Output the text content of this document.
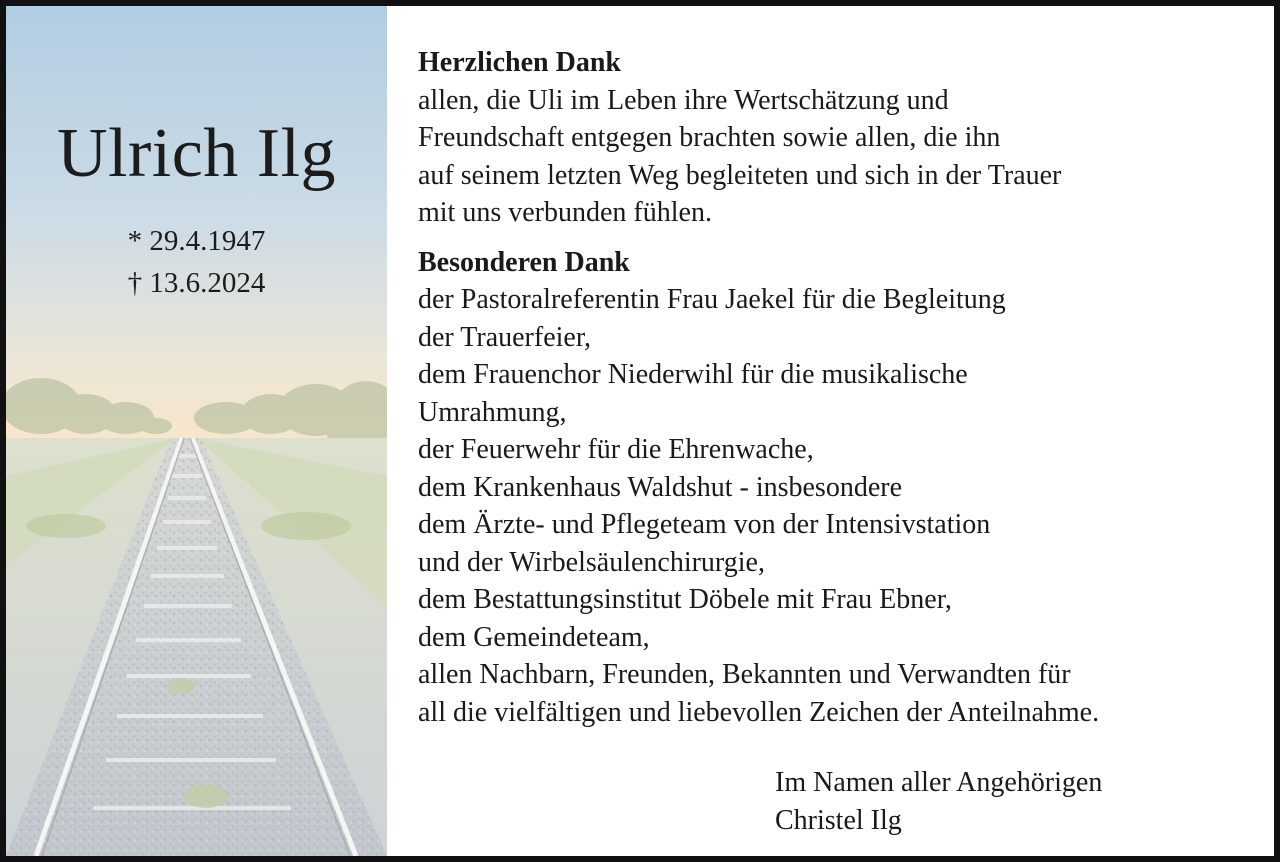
Ulrich Ilg
* 29.4.1947
† 13.6.2024
Herzlichen Dank
allen, die Uli im Leben ihre Wertschätzung und
Freundschaft entgegen brachten sowie allen, die ihn
auf seinem letzten Weg begleiteten und sich in der Trauer
mit uns verbunden fühlen.
Besonderen Dank
der Pastoralreferentin Frau Jaekel für die Begleitung
der Trauerfeier,
dem Frauenchor Niederwihl für die musikalische
Umrahmung,
der Feuerwehr für die Ehrenwache,
dem Krankenhaus Waldshut - insbesondere
dem Ärzte- und Pflegeteam von der Intensivstation
und der Wirbelsäulenchirurgie,
dem Bestattungsinstitut Döbele mit Frau Ebner,
dem Gemeindeteam,
allen Nachbarn, Freunden, Bekannten und Verwandten für
all die vielfältigen und liebevollen Zeichen der Anteilnahme.
Im Namen aller Angehörigen
Christel Ilg
